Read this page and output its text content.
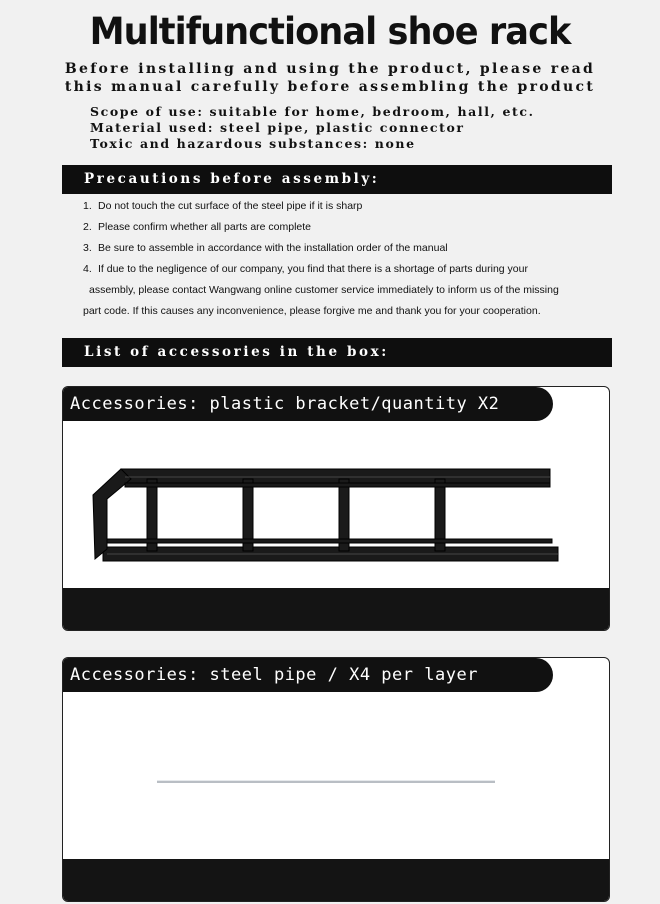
Multifunctional shoe rack
Before installing and using the product, please read
this manual carefully before assembling the product
Scope of use: suitable for home, bedroom, hall, etc.
Material used: steel pipe, plastic connector
Toxic and hazardous substances: none
Precautions before assembly:
1. Do not touch the cut surface of the steel pipe if it is sharp
2. Please confirm whether all parts are complete
3. Be sure to assemble in accordance with the installation order of the manual
4. If due to the negligence of our company, you find that there is a shortage of parts during your
assembly, please contact Wangwang online customer service immediately to inform us of the missing
part code. If this causes any inconvenience, please forgive me and thank you for your cooperation.
List of accessories in the box:
Accessories: plastic bracket/quantity X2
Accessories: steel pipe / X4 per layer
